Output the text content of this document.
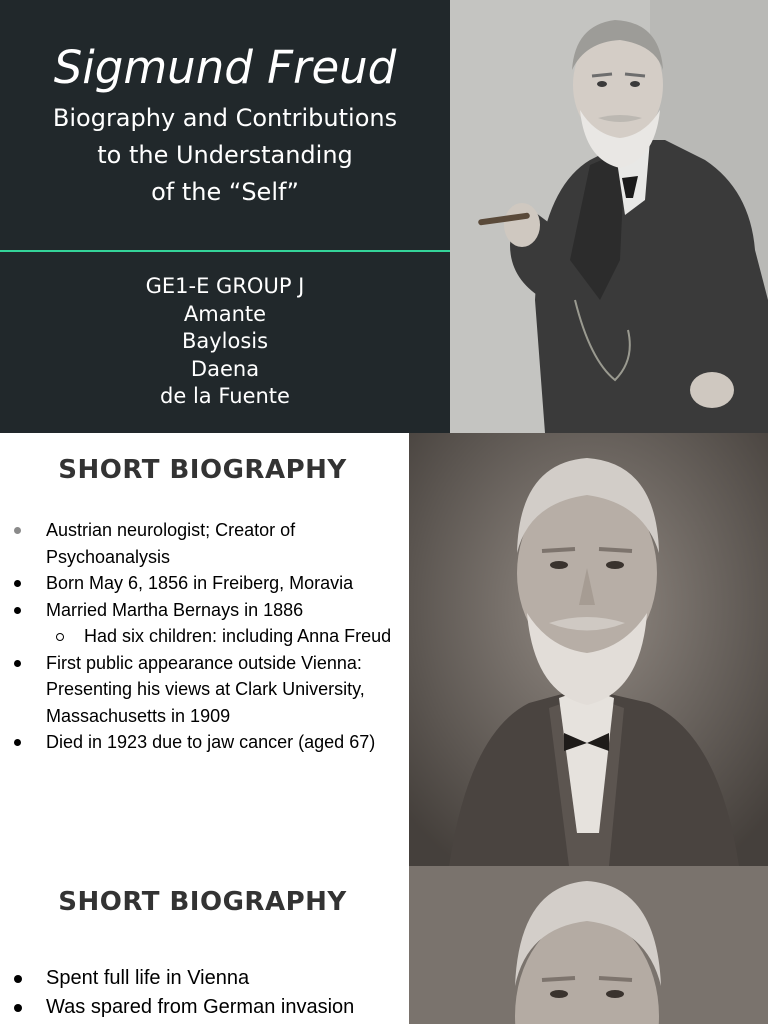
Sigmund Freud
Biography and Contributions
to the Understanding
of the “Self”
GE1-E GROUP J
Amante
Baylosis
Daena
de la Fuente
SHORT BIOGRAPHY
Austrian neurologist; Creator of Psychoanalysis
Born May 6, 1856 in Freiberg, Moravia
Married Martha Bernays in 1886
Had six children: including Anna Freud
First public appearance outside Vienna: Presenting his views at Clark University, Massachusetts in 1909
Died in 1923 due to jaw cancer (aged 67)
SHORT BIOGRAPHY
Spent full life in Vienna
Was spared from German invasion
